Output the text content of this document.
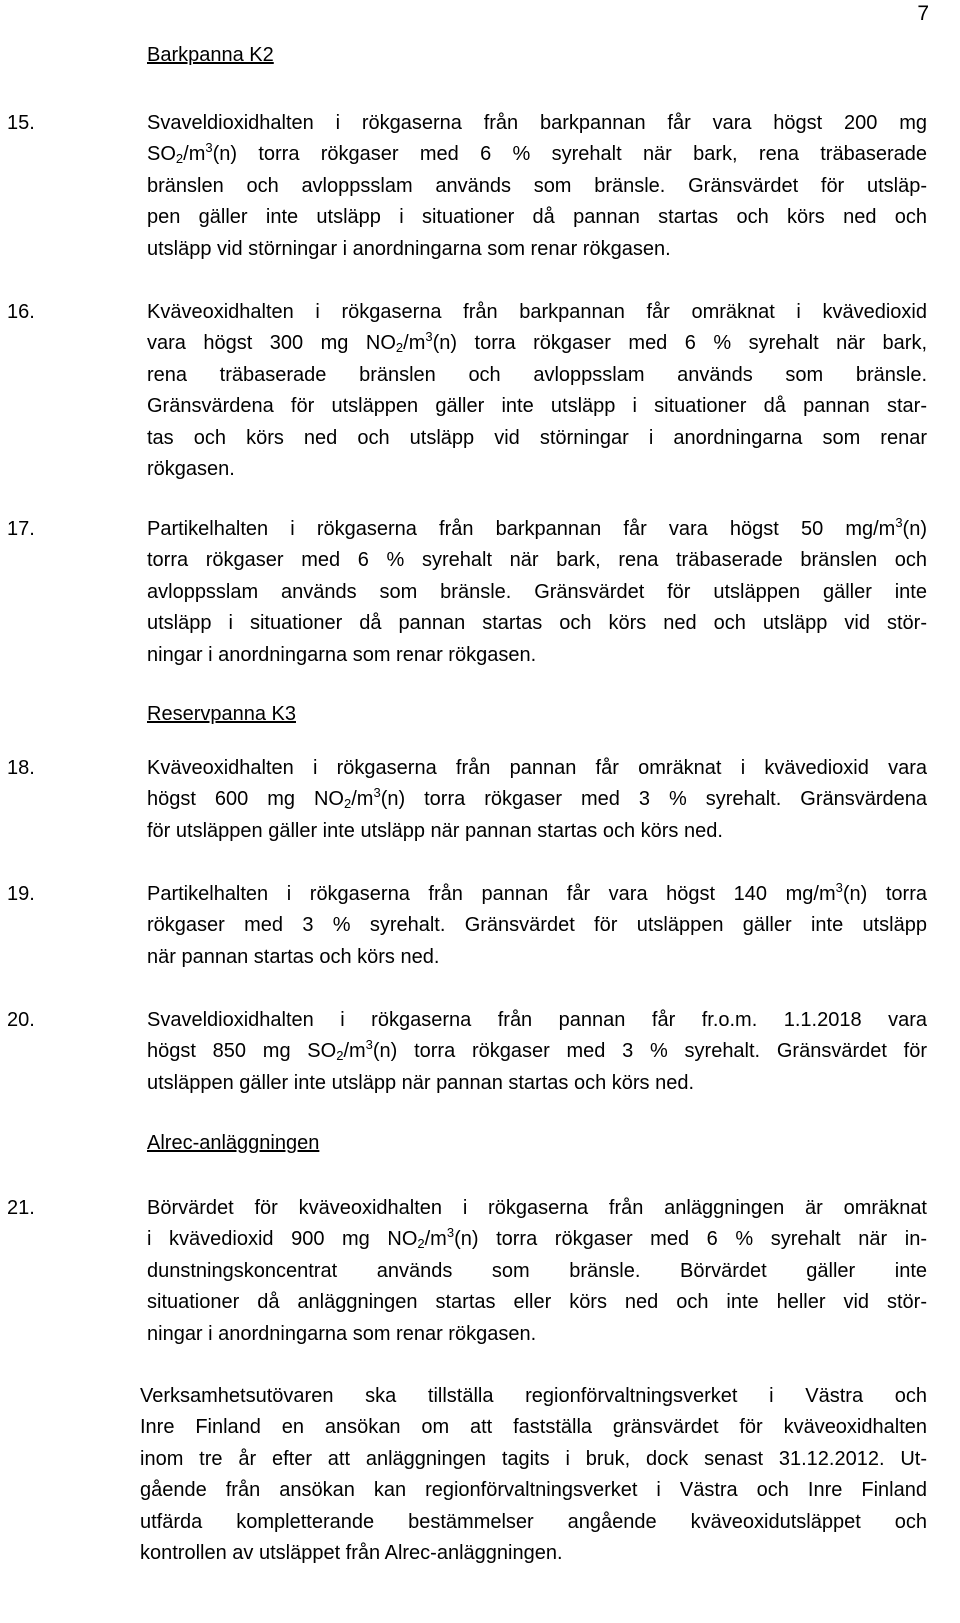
7
Barkpanna K2
15.	Svaveldioxidhalten i rökgaserna från barkpannan får vara högst 200 mg
$SO_2/m^3(n)$ torra rökgaser med 6 % syrehalt när bark, rena träbaserade
bränslen och avloppsslam används som bränsle. Gränsvärdet för utsläp-
pen gäller inte utsläpp i situationer då pannan startas och körs ned och
utsläpp vid störningar i anordningarna som renar rökgasen.
16.	Kväveoxidhalten i rökgaserna från barkpannan får omräknat i kvävedioxid
vara högst 300 mg $NO_2/m^3(n)$ torra rökgaser med 6 % syrehalt när bark,
rena träbaserade bränslen och avloppsslam används som bränsle.
Gränsvärdena för utsläppen gäller inte utsläpp i situationer då pannan star-
tas och körs ned och utsläpp vid störningar i anordningarna som renar
rökgasen.
17.	Partikelhalten i rökgaserna från barkpannan får vara högst 50 $mg/m^3(n)$
torra rökgaser med 6 % syrehalt när bark, rena träbaserade bränslen och
avloppsslam används som bränsle. Gränsvärdet för utsläppen gäller inte
utsläpp i situationer då pannan startas och körs ned och utsläpp vid stör-
ningar i anordningarna som renar rökgasen.
Reservpanna K3
18.	Kväveoxidhalten i rökgaserna från pannan får omräknat i kvävedioxid vara
högst 600 mg $NO_2/m^3(n)$ torra rökgaser med 3 % syrehalt. Gränsvärdena
för utsläppen gäller inte utsläpp när pannan startas och körs ned.
19.	Partikelhalten i rökgaserna från pannan får vara högst 140 $mg/m^3(n)$ torra
rökgaser med 3 % syrehalt. Gränsvärdet för utsläppen gäller inte utsläpp
när pannan startas och körs ned.
20.	Svaveldioxidhalten i rökgaserna från pannan får fr.o.m. 1.1.2018 vara
högst 850 mg $SO_2/m^3(n)$ torra rökgaser med 3 % syrehalt. Gränsvärdet för
utsläppen gäller inte utsläpp när pannan startas och körs ned.
Alrec-anläggningen
21.	Börvärdet för kväveoxidhalten i rökgaserna från anläggningen är omräknat
i kvävedioxid 900 mg $NO_2/m^3(n)$ torra rökgaser med 6 % syrehalt när in-
dunstningskoncentrat används som bränsle. Börvärdet gäller inte
situationer då anläggningen startas eller körs ned och inte heller vid stör-
ningar i anordningarna som renar rökgasen.
Verksamhetsutövaren ska tillställa regionförvaltningsverket i Västra och
Inre Finland en ansökan om att fastställa gränsvärdet för kväveoxidhalten
inom tre år efter att anläggningen tagits i bruk, dock senast 31.12.2012. Ut-
gående från ansökan kan regionförvaltningsverket i Västra och Inre Finland
utfärda kompletterande bestämmelser angående kväveoxidutsläppet och
kontrollen av utsläppet från Alrec-anläggningen.
